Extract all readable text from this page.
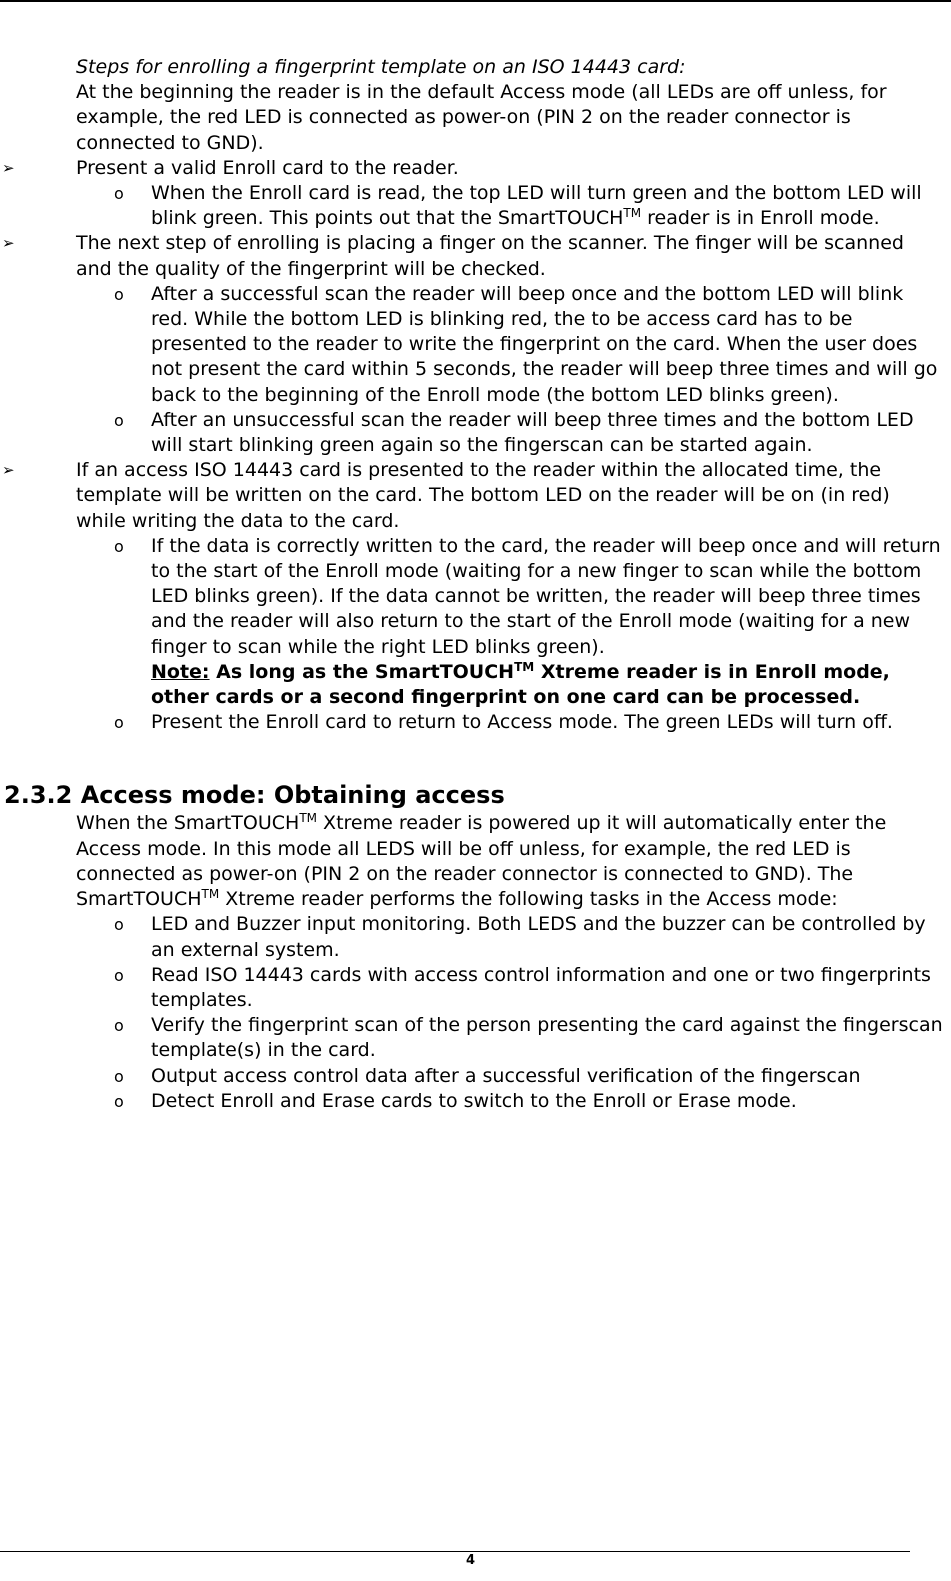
Steps for enrolling a fingerprint template on an ISO 14443 card:

At the beginning the reader is in the default Access mode (all LEDs are off unless, for example, the red LED is connected as power-on (PIN 2 on the reader connector is connected to GND).

➢	Present a valid Enroll card to the reader.
o When the Enroll card is read, the top LED will turn green and the bottom LED will blink green. This points out that the SmartTOUCH™ reader is in Enroll mode.
➢	The next step of enrolling is placing a finger on the scanner. The finger will be scanned and the quality of the fingerprint will be checked.
o After a successful scan the reader will beep once and the bottom LED will blink red. While the bottom LED is blinking red, the to be access card has to be presented to the reader to write the fingerprint on the card. When the user does not present the card within 5 seconds, the reader will beep three times and will go back to the beginning of the Enroll mode (the bottom LED blinks green).
o After an unsuccessful scan the reader will beep three times and the bottom LED will start blinking green again so the fingerscan can be started again.
➢	If an access ISO 14443 card is presented to the reader within the allocated time, the template will be written on the card. The bottom LED on the reader will be on (in red) while writing the data to the card.
o If the data is correctly written to the card, the reader will beep once and will return to the start of the Enroll mode (waiting for a new finger to scan while the bottom LED blinks green). If the data cannot be written, the reader will beep three times and the reader will also return to the start of the Enroll mode (waiting for a new finger to scan while the right LED blinks green).
Note: As long as the SmartTOUCH™ Xtreme reader is in Enroll mode, other cards or a second fingerprint on one card can be processed.
o Present the Enroll card to return to Access mode. The green LEDs will turn off.
2.3.2 Access mode: Obtaining access

When the SmartTOUCH™ Xtreme reader is powered up it will automatically enter the Access mode. In this mode all LEDS will be off unless, for example, the red LED is connected as power-on (PIN 2 on the reader connector is connected to GND). The SmartTOUCH™ Xtreme reader performs the following tasks in the Access mode:

o LED and Buzzer input monitoring. Both LEDS and the buzzer can be controlled by an external system.
o Read ISO 14443 cards with access control information and one or two fingerprints templates.
o Verify the fingerprint scan of the person presenting the card against the fingerscan template(s) in the card.
o Output access control data after a successful verification of the fingerscan
o Detect Enroll and Erase cards to switch to the Enroll or Erase mode.
4
